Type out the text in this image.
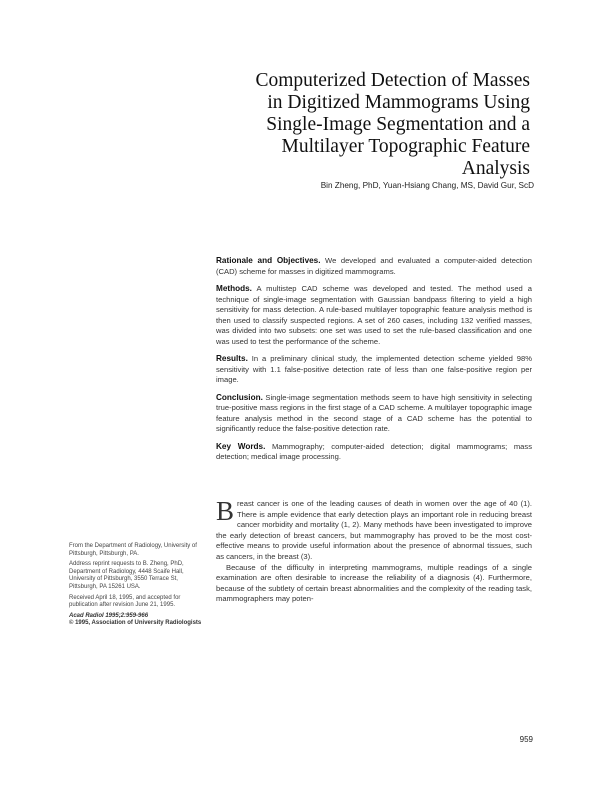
Computerized Detection of Masses
in Digitized Mammograms Using
Single-Image Segmentation and a
Multilayer Topographic Feature
Analysis
Bin Zheng, PhD, Yuan-Hsiang Chang, MS, David Gur, ScD

Rationale and Objectives. We developed and evaluated a computer-aided detection (CAD) scheme for masses in digitized mammograms.

Methods. A multistep CAD scheme was developed and tested. The method used a technique of single-image segmentation with Gaussian bandpass filtering to yield a high sensitivity for mass detection. A rule-based multilayer topographic feature analysis method is then used to classify suspected regions. A set of 260 cases, including 132 verified masses, was divided into two subsets: one set was used to set the rule-based classification and one was used to test the performance of the scheme.

Results. In a preliminary clinical study, the implemented detection scheme yielded 98% sensitivity with 1.1 false-positive detection rate of less than one false-positive region per image.

Conclusion. Single-image segmentation methods seem to have high sensitivity in selecting true-positive mass regions in the first stage of a CAD scheme. A multilayer topographic image feature analysis method in the second stage of a CAD scheme has the potential to significantly reduce the false-positive detection rate.

Key Words. Mammography; computer-aided detection; digital mammograms; mass detection; medical image processing.

Breast cancer is one of the leading causes of death in women over the age of 40 (1). There is ample evidence that early detection plays an important role in reducing breast cancer morbidity and mortality (1, 2). Many methods have been investigated to improve the early detection of breast cancers, but mammography has proved to be the most cost-effective means to provide useful information about the presence of abnormal tissues, such as cancers, in the breast (3).

Because of the difficulty in interpreting mammograms, multiple readings of a single examination are often desirable to increase the reliability of a diagnosis (4). Furthermore, because of the subtlety of certain breast abnormalities and the complexity of the reading task, mammographers may poten-

From the Department of Radiology, University of Pittsburgh, Pittsburgh, PA.

Address reprint requests to B. Zheng, PhD, Department of Radiology, 4448 Scaife Hall, University of Pittsburgh, 3550 Terrace St, Pittsburgh, PA 15261 USA.

Received April 18, 1995, and accepted for publication after revision June 21, 1995.

Acad Radiol 1995;2:959-966

© 1995, Association of University Radiologists

959
